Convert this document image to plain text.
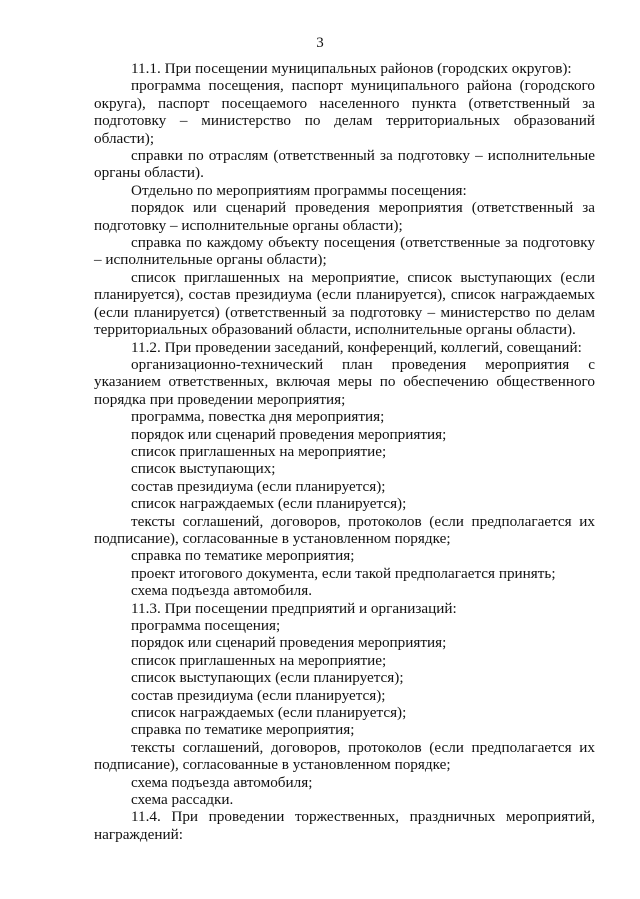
3

11.1. При посещении муниципальных районов (городских округов):

программа посещения, паспорт муниципального района (городского округа), паспорт посещаемого населенного пункта (ответственный за подготовку – министерство по делам территориальных образований области);

справки по отраслям (ответственный за подготовку – исполнительные органы области).

Отдельно по мероприятиям программы посещения:

порядок или сценарий проведения мероприятия (ответственный за подготовку – исполнительные органы области);

справка по каждому объекту посещения (ответственные за подготовку – исполнительные органы области);

список приглашенных на мероприятие, список выступающих (если планируется), состав президиума (если планируется), список награждаемых (если планируется) (ответственный за подготовку – министерство по делам территориальных образований области, исполнительные органы области).

11.2. При проведении заседаний, конференций, коллегий, совещаний:

организационно-технический план проведения мероприятия с указанием ответственных, включая меры по обеспечению общественного порядка при проведении мероприятия;

программа, повестка дня мероприятия;

порядок или сценарий проведения мероприятия;

список приглашенных на мероприятие;

список выступающих;

состав президиума (если планируется);

список награждаемых (если планируется);

тексты соглашений, договоров, протоколов (если предполагается их подписание), согласованные в установленном порядке;

справка по тематике мероприятия;

проект итогового документа, если такой предполагается принять;

схема подъезда автомобиля.

11.3. При посещении предприятий и организаций:

программа посещения;

порядок или сценарий проведения мероприятия;

список приглашенных на мероприятие;

список выступающих (если планируется);

состав президиума (если планируется);

список награждаемых (если планируется);

справка по тематике мероприятия;

тексты соглашений, договоров, протоколов (если предполагается их подписание), согласованные в установленном порядке;

схема подъезда автомобиля;

схема рассадки.

11.4. При проведении торжественных, праздничных мероприятий, награждений:
